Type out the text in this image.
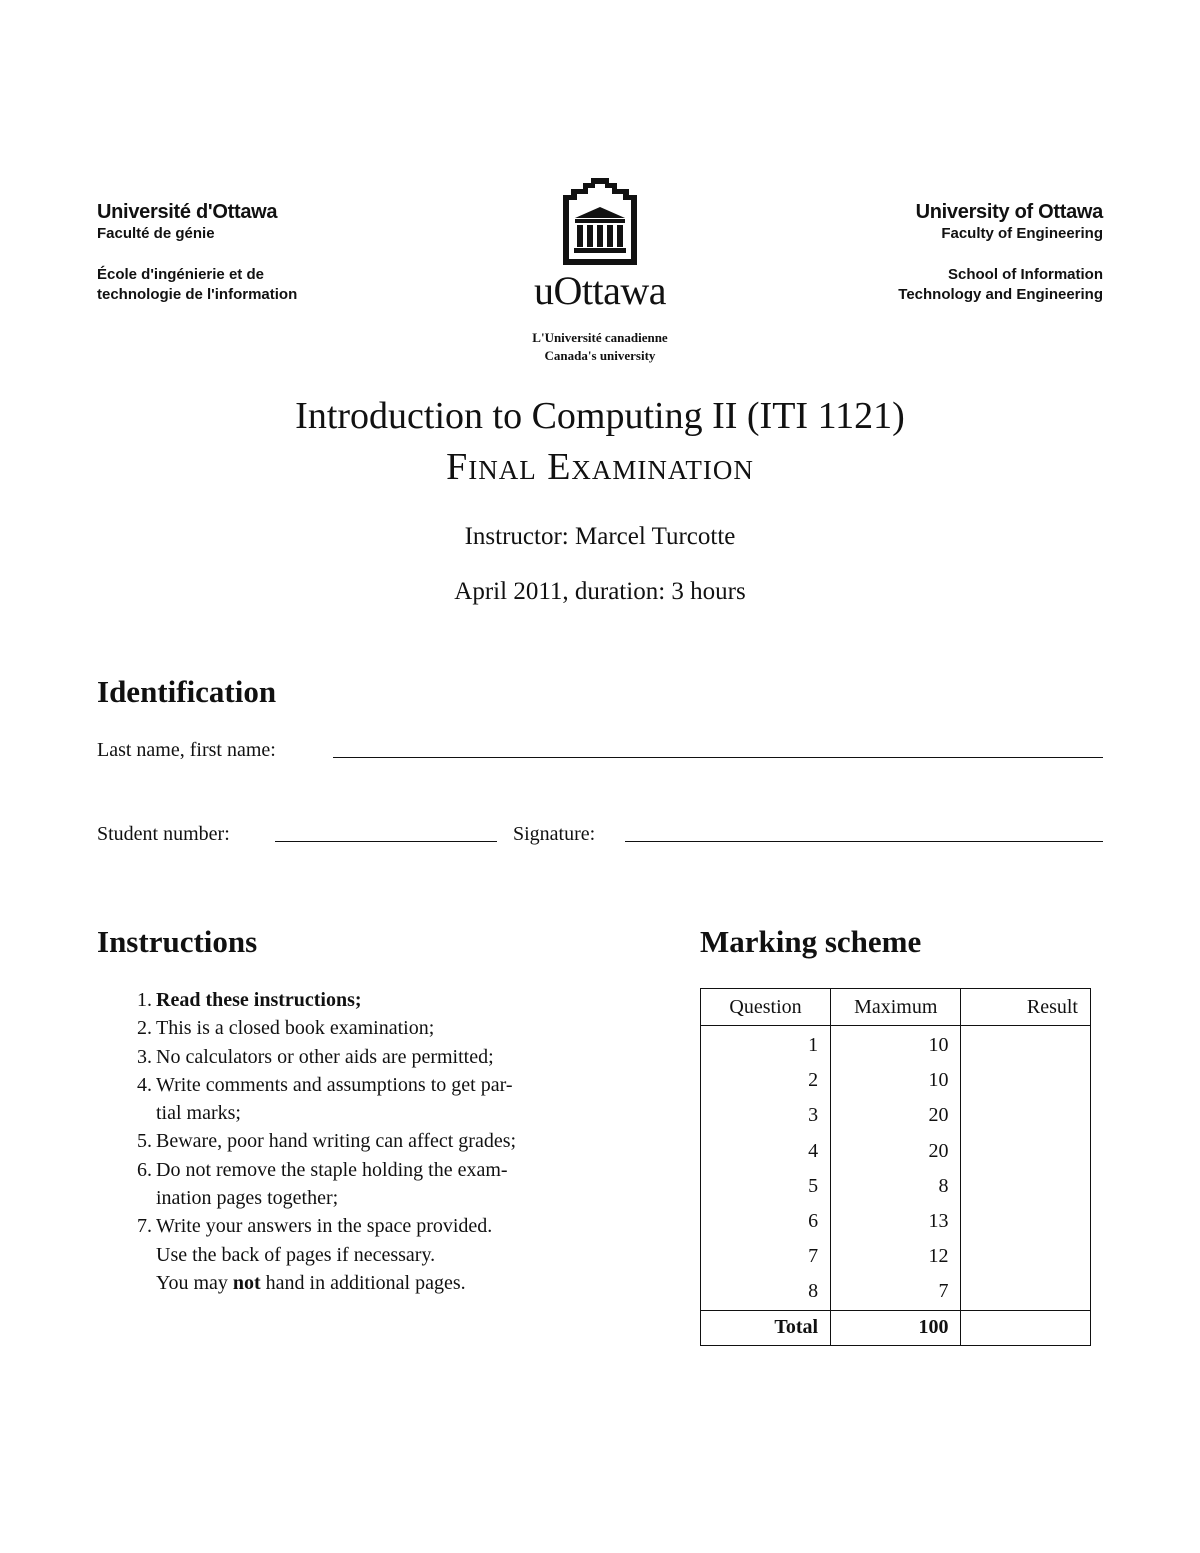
Université d'Ottawa
Faculté de génie
École d'ingénierie et de
technologie de l'information	uOttawa
L'Université canadienne
Canada's university
University of Ottawa
Faculty of Engineering
School of Information
Technology and Engineering
Introduction to Computing II (ITI 1121)
Final Examination
Instructor: Marcel Turcotte
April 2011, duration: 3 hours
Identification
Last name, first name:
Student number:	Signature:
Instructions
1. Read these instructions;
2. This is a closed book examination;
3. No calculators or other aids are permitted;
4. Write comments and assumptions to get par-
tial marks;
5. Beware, poor hand writing can affect grades;
6. Do not remove the staple holding the exam-
ination pages together;
7. Write your answers in the space provided.
Use the back of pages if necessary.
You may not hand in additional pages.
Marking scheme
Question	Maximum	Result
1	10	
2	10	
3	20	
4	20	
5	8	
6	13	
7	12	
8	7	
Total	100	
